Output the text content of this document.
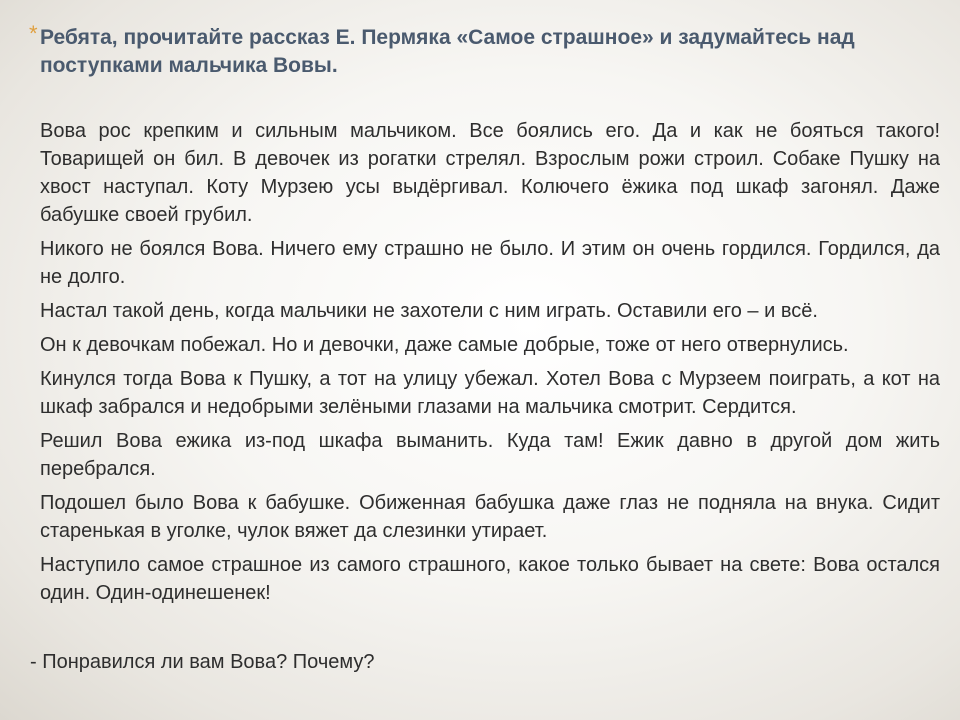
* Ребята, прочитайте рассказ Е. Пермяка «Самое страшное» и задумайтесь над поступками мальчика Вовы.

Вова рос крепким и сильным мальчиком. Все боялись его. Да и как не бояться такого! Товарищей он бил. В девочек из рогатки стрелял. Взрослым рожи строил. Собаке Пушку на хвост наступал. Коту Мурзею усы выдёргивал. Колючего ёжика под шкаф загонял. Даже бабушке своей грубил.

Никого не боялся Вова. Ничего ему страшно не было. И этим он очень гордился. Гордился, да не долго.

Настал такой день, когда мальчики не захотели с ним играть. Оставили его – и всё.

Он к девочкам побежал. Но и девочки, даже самые добрые, тоже от него отвернулись.

Кинулся тогда Вова к Пушку, а тот на улицу убежал. Хотел Вова с Мурзеем поиграть, а кот на шкаф забрался и недобрыми зелёными глазами на мальчика смотрит. Сердится.

Решил Вова ежика из-под шкафа выманить. Куда там! Ежик давно в другой дом жить перебрался.

Подошел было Вова к бабушке. Обиженная бабушка даже глаз не подняла на внука. Сидит старенькая в уголке, чулок вяжет да слезинки утирает.

Наступило самое страшное из самого страшного, какое только бывает на свете: Вова остался один. Один-одинешенек!

- Понравился ли вам Вова? Почему?
